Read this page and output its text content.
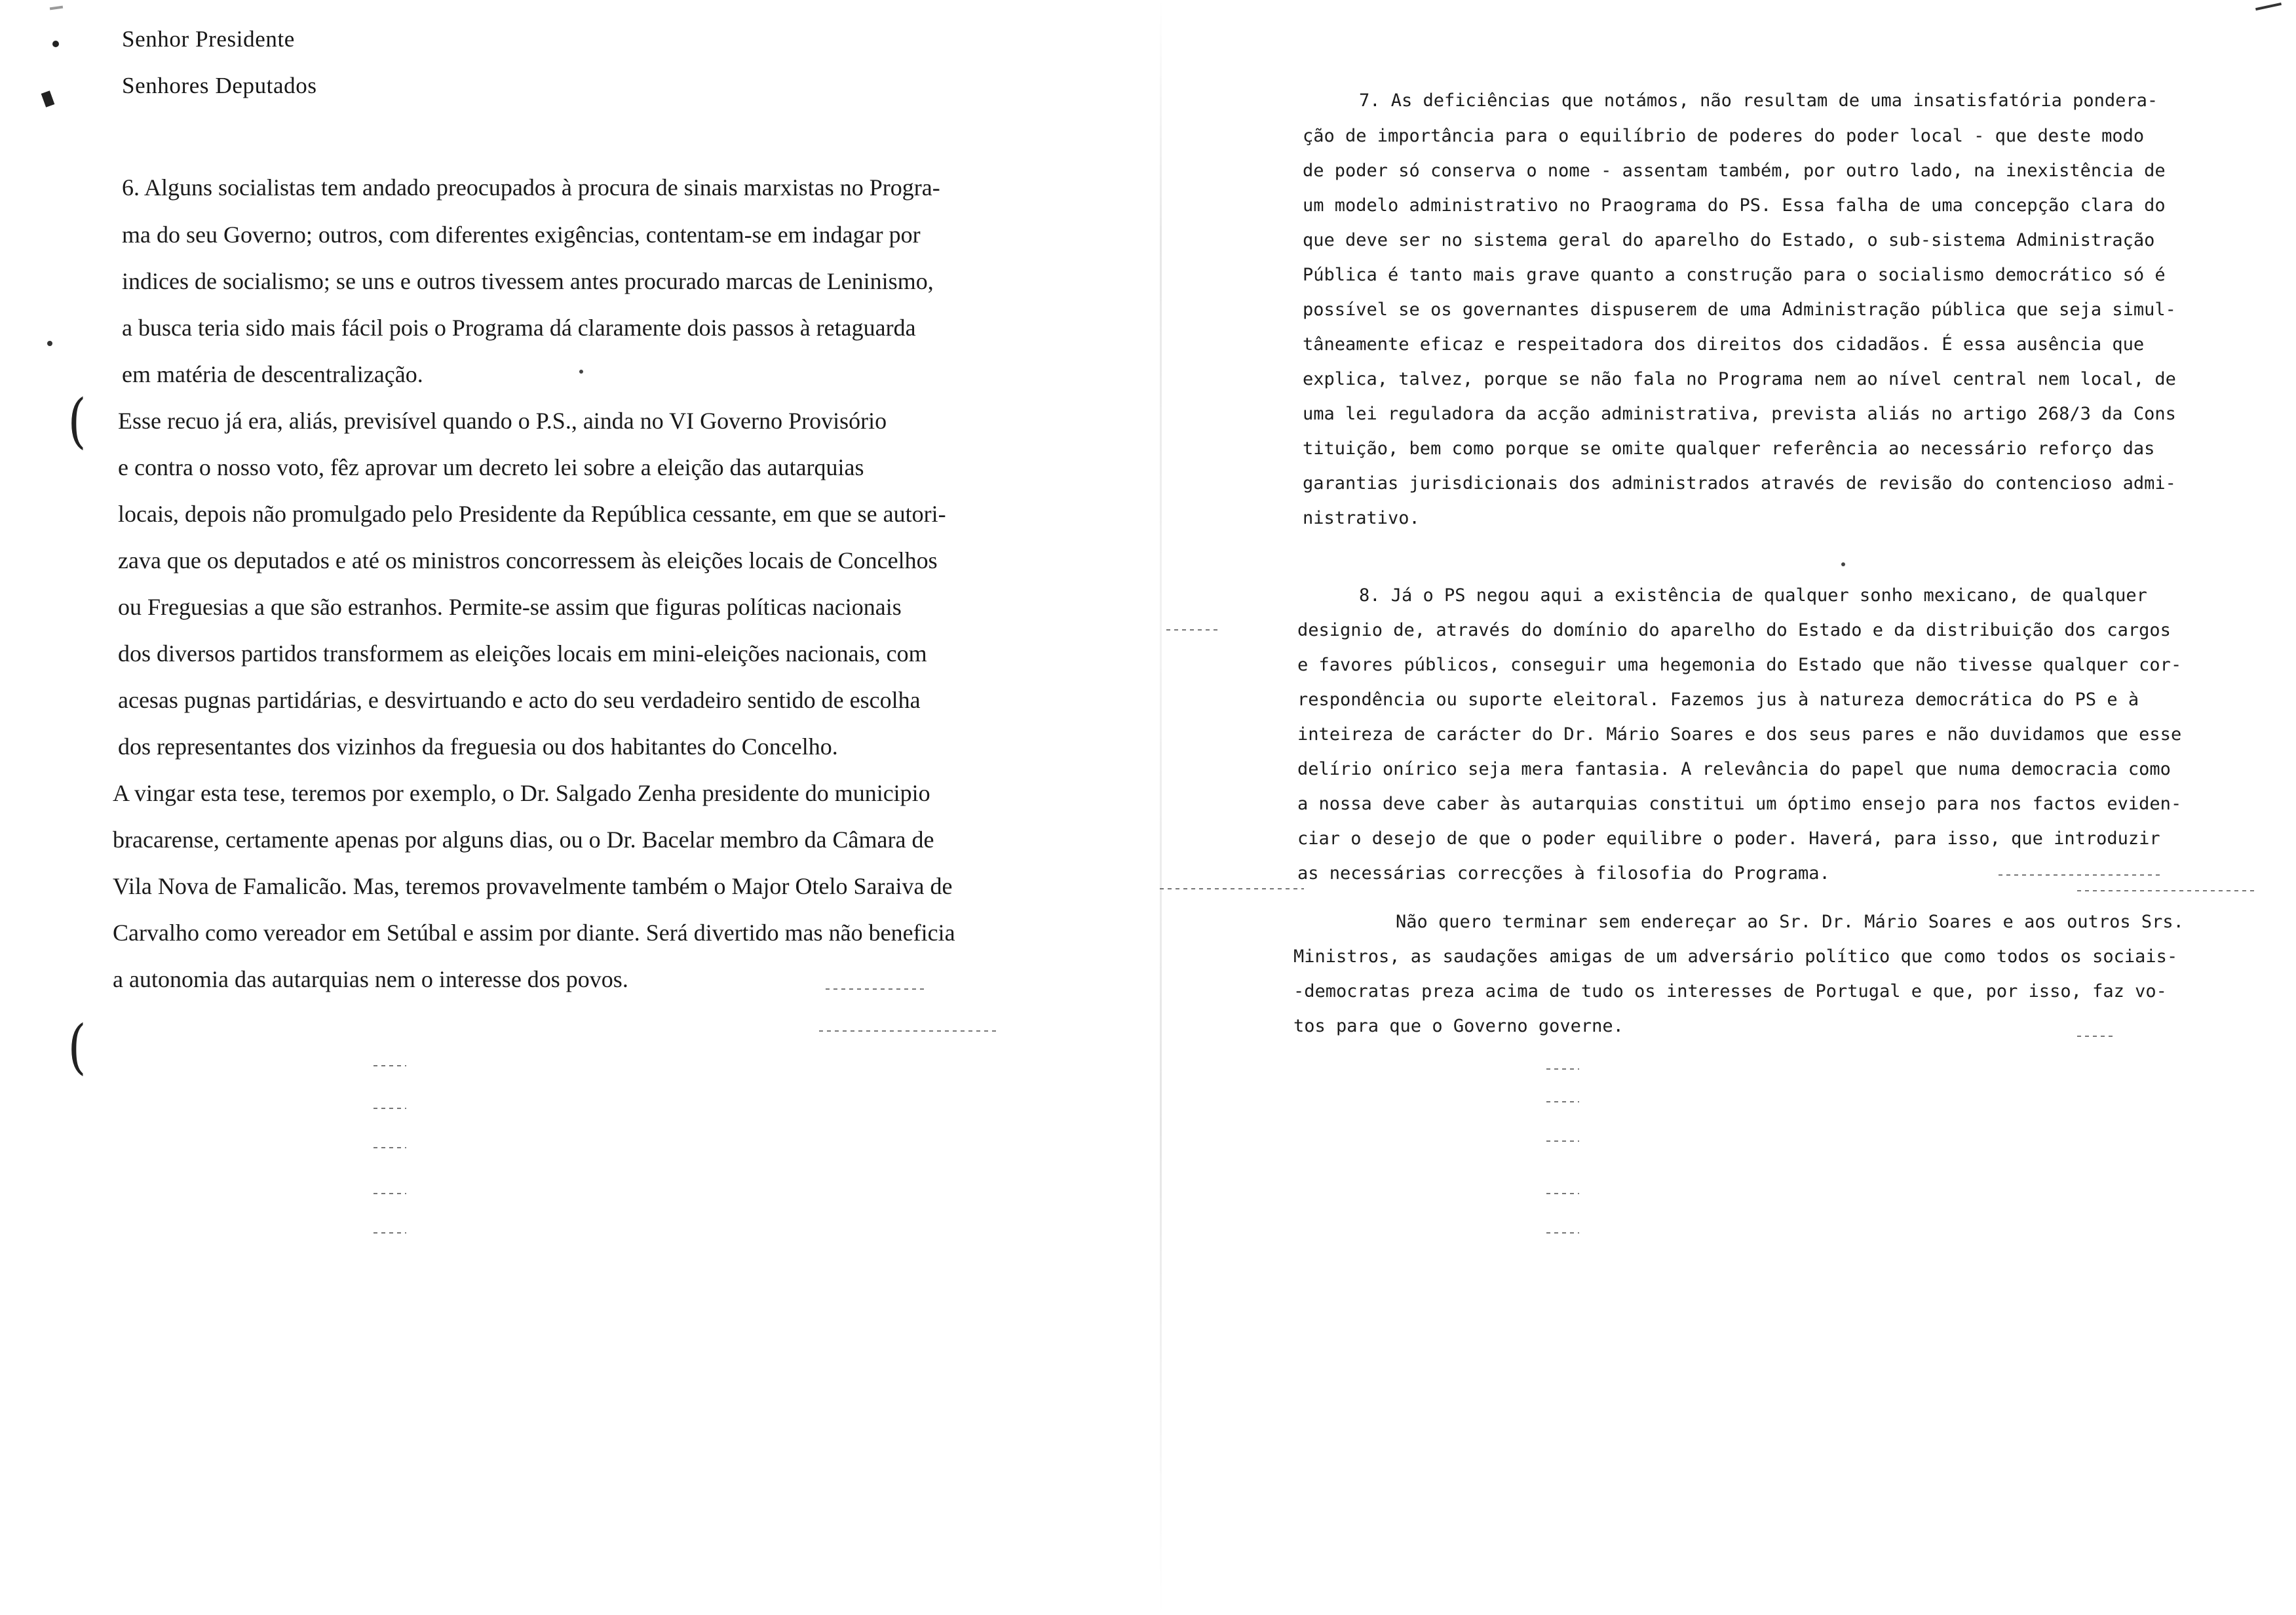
Senhor Presidente
Senhores Deputados
6. Alguns socialistas tem andado preocupados à procura de sinais marxistas no Progra-
ma do seu Governo; outros, com diferentes exigências, contentam-se em indagar por
indices de socialismo; se uns e outros tivessem antes procurado marcas de Leninismo,
a busca teria sido mais fácil pois o Programa dá claramente dois passos à retaguarda
em matéria de descentralização.
Esse recuo já era, aliás, previsível quando o P.S., ainda no VI Governo Provisório
e contra o nosso voto, fêz aprovar um decreto lei sobre a eleição das autarquias
locais, depois não promulgado pelo Presidente da República cessante, em que se autori-
zava que os deputados e até os ministros concorressem às eleições locais de Concelhos
ou Freguesias a que são estranhos. Permite-se assim que figuras políticas nacionais
dos diversos partidos transformem as eleições locais em mini-eleições nacionais, com
acesas pugnas partidárias, e desvirtuando e acto do seu verdadeiro sentido de escolha
dos representantes dos vizinhos da freguesia ou dos habitantes do Concelho.
A vingar esta tese, teremos por exemplo, o Dr. Salgado Zenha presidente do municipio
bracarense, certamente apenas por alguns dias, ou o Dr. Bacelar membro da Câmara de
Vila Nova de Famalicão. Mas, teremos provavelmente também o Major Otelo Saraiva de
Carvalho como vereador em Setúbal e assim por diante. Será divertido mas não beneficia
a autonomia das autarquias nem o interesse dos povos.
(
(
7. As deficiências que notámos, não resultam de uma insatisfatória pondera-
ção de importância para o equilíbrio de poderes do poder local - que deste modo
de poder só conserva o nome - assentam também, por outro lado, na inexistência de
um modelo administrativo no Praograma do PS. Essa falha de uma concepção clara do
que deve ser no sistema geral do aparelho do Estado, o sub-sistema Administração
Pública é tanto mais grave quanto a construção para o socialismo democrático só é
possível se os governantes dispuserem de uma Administração pública que seja simul-
tâneamente eficaz e respeitadora dos direitos dos cidadãos. É essa ausência que
explica, talvez, porque se não fala no Programa nem ao nível central nem local, de
uma lei reguladora da acção administrativa, prevista aliás no artigo 268/3 da Cons
tituição, bem como porque se omite qualquer referência ao necessário reforço das
garantias jurisdicionais dos administrados através de revisão do contencioso admi-
nistrativo.
8. Já o PS negou aqui a existência de qualquer sonho mexicano, de qualquer
designio de, através do domínio do aparelho do Estado e da distribuição dos cargos
e favores públicos, conseguir uma hegemonia do Estado que não tivesse qualquer cor-
respondência ou suporte eleitoral. Fazemos jus à natureza democrática do PS e à
inteireza de carácter do Dr. Mário Soares e dos seus pares e não duvidamos que esse
delírio onírico seja mera fantasia. A relevância do papel que numa democracia como
a nossa deve caber às autarquias constitui um óptimo ensejo para nos factos eviden-
ciar o desejo de que o poder equilibre o poder. Haverá, para isso, que introduzir
as necessárias correcções à filosofia do Programa.
Não quero terminar sem endereçar ao Sr. Dr. Mário Soares e aos outros Srs.
Ministros, as saudações amigas de um adversário político que como todos os sociais-
-democratas preza acima de tudo os interesses de Portugal e que, por isso, faz vo-
tos para que o Governo governe.
